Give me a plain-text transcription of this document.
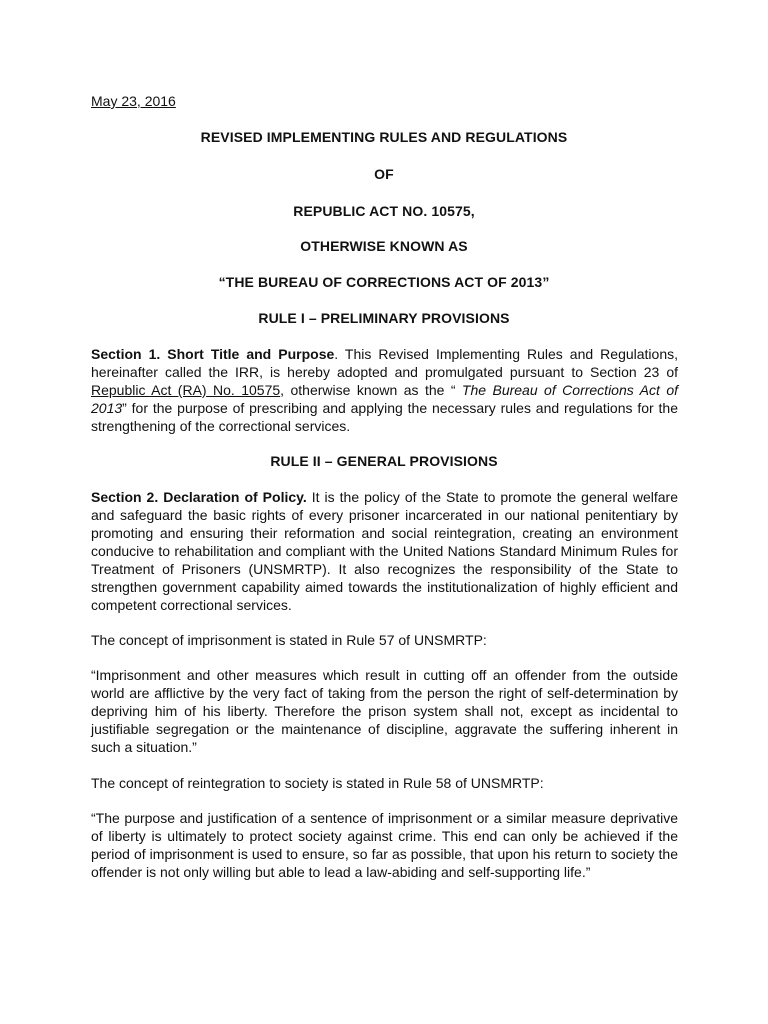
May 23, 2016
REVISED IMPLEMENTING RULES AND REGULATIONS
OF
REPUBLIC ACT NO. 10575,
OTHERWISE KNOWN AS
“THE BUREAU OF CORRECTIONS ACT OF 2013”
RULE I – PRELIMINARY PROVISIONS
Section 1. Short Title and Purpose. This Revised Implementing Rules and Regulations, hereinafter called the IRR, is hereby adopted and promulgated pursuant to Section 23 of Republic Act (RA) No. 10575, otherwise known as the “ The Bureau of Corrections Act of 2013” for the purpose of prescribing and applying the necessary rules and regulations for the strengthening of the correctional services.
RULE II – GENERAL PROVISIONS
Section 2. Declaration of Policy. It is the policy of the State to promote the general welfare and safeguard the basic rights of every prisoner incarcerated in our national penitentiary by promoting and ensuring their reformation and social reintegration, creating an environment conducive to rehabilitation and compliant with the United Nations Standard Minimum Rules for Treatment of Prisoners (UNSMRTP). It also recognizes the responsibility of the State to strengthen government capability aimed towards the institutionalization of highly efficient and competent correctional services.
The concept of imprisonment is stated in Rule 57 of UNSMRTP:
“Imprisonment and other measures which result in cutting off an offender from the outside world are afflictive by the very fact of taking from the person the right of self-determination by depriving him of his liberty. Therefore the prison system shall not, except as incidental to justifiable segregation or the maintenance of discipline, aggravate the suffering inherent in such a situation.”
The concept of reintegration to society is stated in Rule 58 of UNSMRTP:
“The purpose and justification of a sentence of imprisonment or a similar measure deprivative of liberty is ultimately to protect society against crime. This end can only be achieved if the period of imprisonment is used to ensure, so far as possible, that upon his return to society the offender is not only willing but able to lead a law-abiding and self-supporting life.”
